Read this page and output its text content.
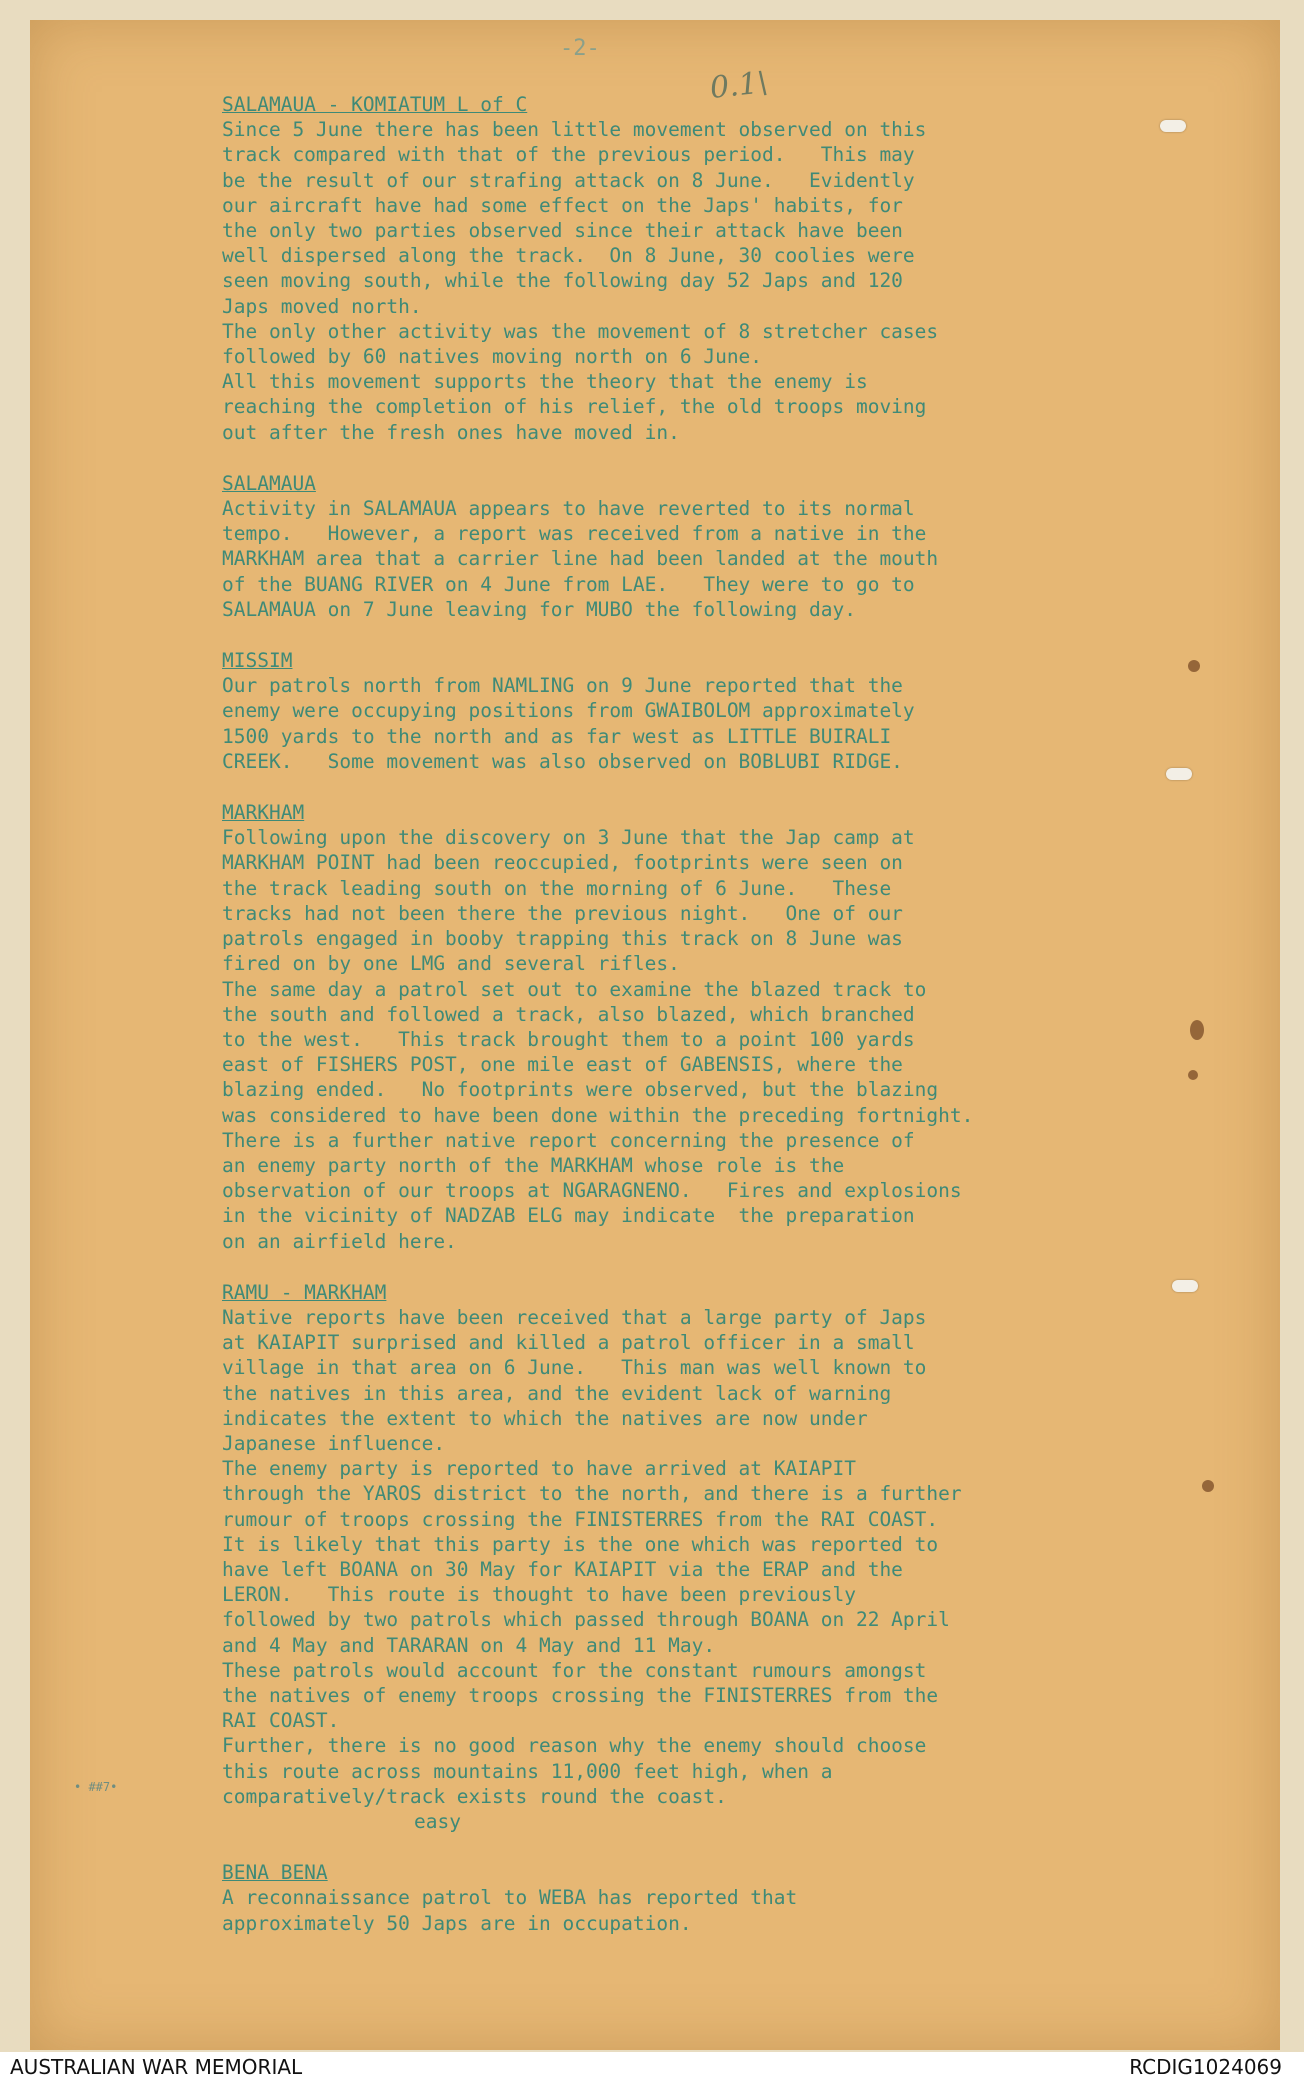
-2-
0.1\
SALAMAUA - KOMIATUM L of C

Since 5 June there has been little movement observed on this
track compared with that of the previous period.   This may
be the result of our strafing attack on 8 June.   Evidently
our aircraft have had some effect on the Japs' habits, for
the only two parties observed since their attack have been
well dispersed along the track.  On 8 June, 30 coolies were
seen moving south, while the following day 52 Japs and 120
Japs moved north.

The only other activity was the movement of 8 stretcher cases
followed by 60 natives moving north on 6 June.

All this movement supports the theory that the enemy is
reaching the completion of his relief, the old troops moving
out after the fresh ones have moved in.

SALAMAUA

Activity in SALAMAUA appears to have reverted to its normal
tempo.   However, a report was received from a native in the
MARKHAM area that a carrier line had been landed at the mouth
of the BUANG RIVER on 4 June from LAE.   They were to go to
SALAMAUA on 7 June leaving for MUBO the following day.

MISSIM

Our patrols north from NAMLING on 9 June reported that the
enemy were occupying positions from GWAIBOLOM approximately
1500 yards to the north and as far west as LITTLE BUIRALI
CREEK.   Some movement was also observed on BOBLUBI RIDGE.

MARKHAM

Following upon the discovery on 3 June that the Jap camp at
MARKHAM POINT had been reoccupied, footprints were seen on
the track leading south on the morning of 6 June.   These
tracks had not been there the previous night.   One of our
patrols engaged in booby trapping this track on 8 June was
fired on by one LMG and several rifles.

The same day a patrol set out to examine the blazed track to
the south and followed a track, also blazed, which branched
to the west.   This track brought them to a point 100 yards
east of FISHERS POST, one mile east of GABENSIS, where the
blazing ended.   No footprints were observed, but the blazing
was considered to have been done within the preceding fortnight.

There is a further native report concerning the presence of
an enemy party north of the MARKHAM whose role is the
observation of our troops at NGARAGNENO.   Fires and explosions
in the vicinity of NADZAB ELG may indicate  the preparation
on an airfield here.

RAMU - MARKHAM

Native reports have been received that a large party of Japs
at KAIAPIT surprised and killed a patrol officer in a small
village in that area on 6 June.   This man was well known to
the natives in this area, and the evident lack of warning
indicates the extent to which the natives are now under
Japanese influence.

The enemy party is reported to have arrived at KAIAPIT
through the YAROS district to the north, and there is a further
rumour of troops crossing the FINISTERRES from the RAI COAST.
It is likely that this party is the one which was reported to
have left BOANA on 30 May for KAIAPIT via the ERAP and the
LERON.   This route is thought to have been previously
followed by two patrols which passed through BOANA on 22 April
and 4 May and TARARAN on 4 May and 11 May.

These patrols would account for the constant rumours amongst
the natives of enemy troops crossing the FINISTERRES from the
RAI COAST.

Further, there is no good reason why the enemy should choose
this route across mountains 11,000 feet high, when a
comparatively/track exists round the coast.

easy
BENA BENA

A reconnaissance patrol to WEBA has reported that
approximately 50 Japs are in occupation.

• ##7•
AUSTRALIAN WAR MEMORIAL	RCDIG1024069
